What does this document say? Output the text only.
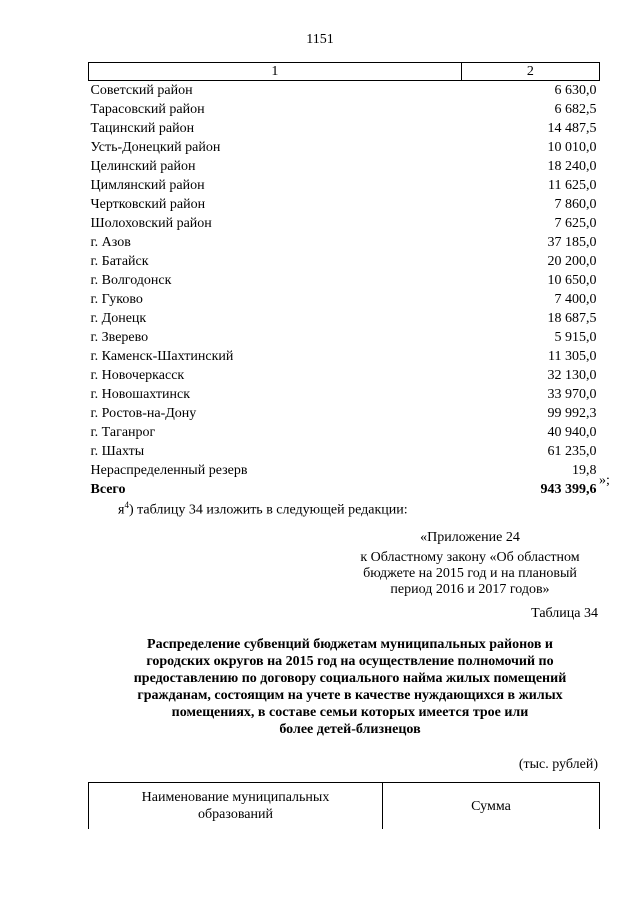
1151
1	2
Советский район	6 630,0
Тарасовский район	6 682,5
Тацинский район	14 487,5
Усть-Донецкий район	10 010,0
Целинский район	18 240,0
Цимлянский район	11 625,0
Чертковский район	7 860,0
Шолоховский район	7 625,0
г. Азов	37 185,0
г. Батайск	20 200,0
г. Волгодонск	10 650,0
г. Гуково	7 400,0
г. Донецк	18 687,5
г. Зверево	5 915,0
г. Каменск-Шахтинский	11 305,0
г. Новочеркасск	32 130,0
г. Новошахтинск	33 970,0
г. Ростов-на-Дону	99 992,3
г. Таганрог	40 940,0
г. Шахты	61 235,0
Нераспределенный резерв	19,8
Всего	943 399,6
»;
$я^4$) таблицу 34 изложить в следующей редакции:
«Приложение 24
к Областному закону «Об областном
бюджете на 2015 год и на плановый
период 2016 и 2017 годов»
Таблица 34
Распределение субвенций бюджетам муниципальных районов и
городских округов на 2015 год на осуществление полномочий по
предоставлению по договору социального найма жилых помещений
гражданам, состоящим на учете в качестве нуждающихся в жилых
помещениях, в составе семьи которых имеется трое или
более детей-близнецов
(тыс. рублей)
Наименование муниципальных
образований
	Сумма
